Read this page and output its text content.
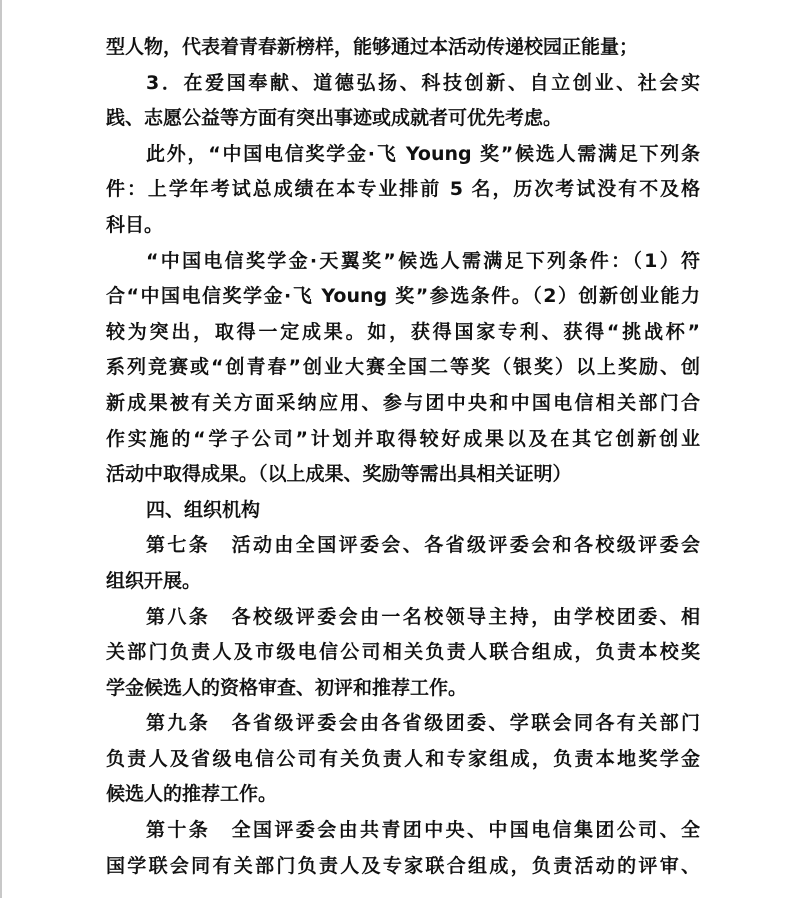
型人物，代表着青春新榜样，能够通过本活动传递校园正能量；
3．在爱国奉献、道德弘扬、科技创新、自立创业、社会实
践、志愿公益等方面有突出事迹或成就者可优先考虑。
此外，“中国电信奖学金·飞 Young 奖”候选人需满足下列条
件：上学年考试总成绩在本专业排前 5 名，历次考试没有不及格
科目。
“中国电信奖学金·天翼奖”候选人需满足下列条件：（1）符
合“中国电信奖学金·飞 Young 奖”参选条件。（2）创新创业能力
较为突出，取得一定成果。如，获得国家专利、获得“挑战杯”
系列竞赛或“创青春”创业大赛全国二等奖（银奖）以上奖励、创
新成果被有关方面采纳应用、参与团中央和中国电信相关部门合
作实施的“学子公司”计划并取得较好成果以及在其它创新创业
活动中取得成果。（以上成果、奖励等需出具相关证明）
四、组织机构
第七条　活动由全国评委会、各省级评委会和各校级评委会
组织开展。
第八条　各校级评委会由一名校领导主持，由学校团委、相
关部门负责人及市级电信公司相关负责人联合组成，负责本校奖
学金候选人的资格审查、初评和推荐工作。
第九条　各省级评委会由各省级团委、学联会同各有关部门
负责人及省级电信公司有关负责人和专家组成，负责本地奖学金
候选人的推荐工作。
第十条　全国评委会由共青团中央、中国电信集团公司、全
国学联会同有关部门负责人及专家联合组成，负责活动的评审、
